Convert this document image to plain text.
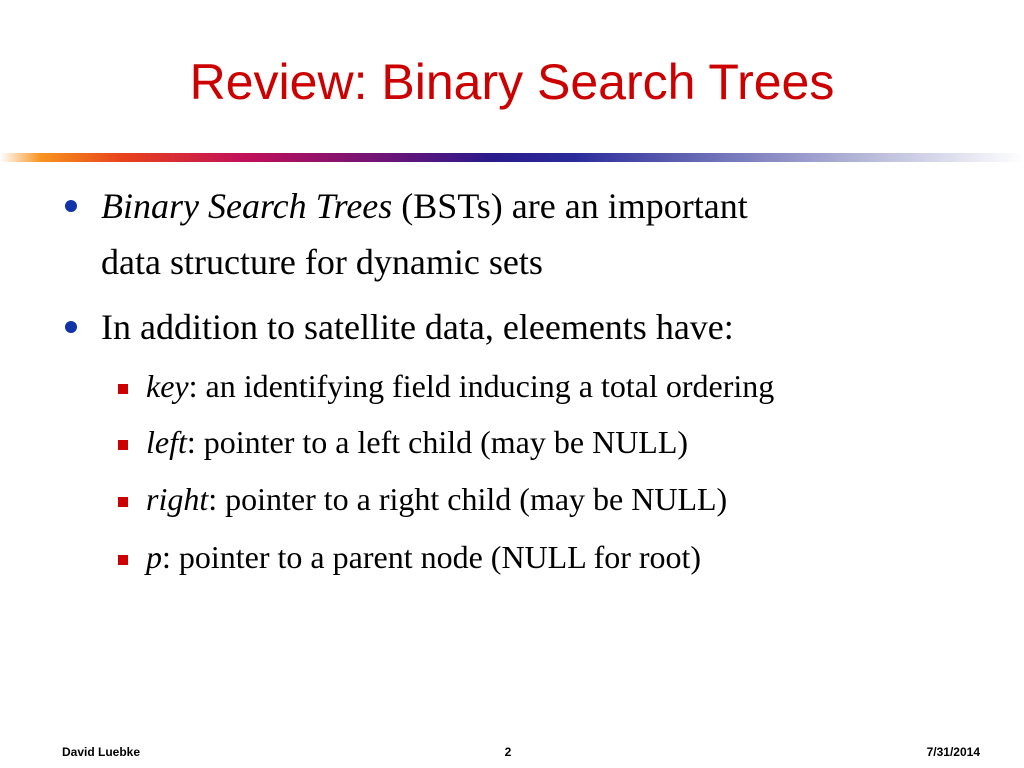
Review: Binary Search Trees
Binary Search Trees (BSTs) are an important
data structure for dynamic sets
In addition to satellite data, eleements have:
key: an identifying field inducing a total ordering
left: pointer to a left child (may be NULL)
right: pointer to a right child (may be NULL)
p: pointer to a parent node (NULL for root)
David Luebke	2	7/31/2014
